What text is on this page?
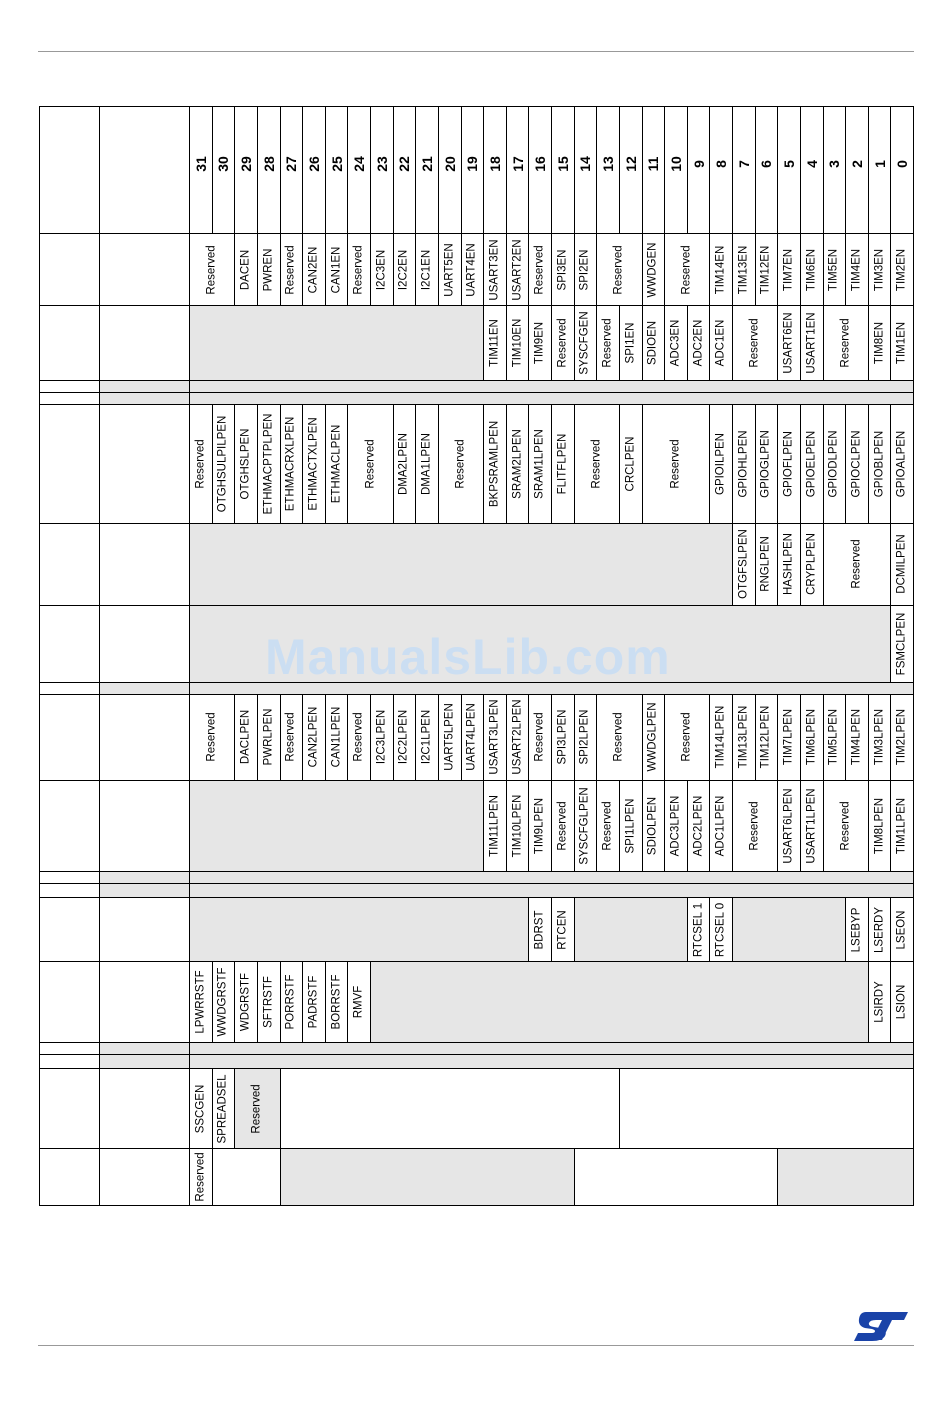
		31	30	29	28	27	26	25	24	23	22	21	20	19	18	17	16	15	14	13	12	11	10	9	8	7	6	5	4	3	2	1	0

		Reserved		DACEN	PWREN	Reserved	CAN2EN	CAN1EN	Reserved	I2C3EN	I2C2EN	I2C1EN	UART5EN	UART4EN	USART3EN	USART2EN	Reserved	SPI3EN	SPI2EN	Reserved		WWDGEN	Reserved		TIM14EN	TIM13EN	TIM12EN	TIM7EN	TIM6EN	TIM5EN	TIM4EN	TIM3EN	TIM2EN

															TIM11EN	TIM10EN	TIM9EN	Reserved	SYSCFGEN	Reserved	SPI1EN	SDIOEN	ADC3EN	ADC2EN	ADC1EN	Reserved		USART6EN	USART1EN	Reserved		TIM8EN	TIM1EN

		Reserved	OTGHSULPILPEN	OTGHSLPEN	ETHMACPTPLPEN	ETHMACRXLPEN	ETHMACTXLPEN	ETHMACLPEN	Reserved		DMA2LPEN	DMA1LPEN	Reserved		BKPSRAMLPEN	SRAM2LPEN	SRAM1LPEN	FLITFLPEN	Reserved		CRCLPEN	Reserved			GPIOILPEN	GPIOHLPEN	GPIOGLPEN	GPIOFLPEN	GPIOELPEN	GPIODLPEN	GPIOCLPEN	GPIOBLPEN	GPIOALPEN

																										OTGFSLPEN	RNGLPEN	HASHLPEN	CRYPLPEN	Reserved			DCMILPEN

																																	FSMCLPEN

		Reserved		DACLPEN	PWRLPEN	Reserved	CAN2LPEN	CAN1LPEN	Reserved	I2C3LPEN	I2C2LPEN	I2C1LPEN	UART5LPEN	UART4LPEN	USART3LPEN	USART2LPEN	Reserved	SPI3LPEN	SPI2LPEN	Reserved		WWDGLPEN	Reserved		TIM14LPEN	TIM13LPEN	TIM12LPEN	TIM7LPEN	TIM6LPEN	TIM5LPEN	TIM4LPEN	TIM3LPEN	TIM2LPEN

															TIM11LPEN	TIM10LPEN	TIM9LPEN	Reserved	SYSCFGLPEN	Reserved	SPI1LPEN	SDIOLPEN	ADC3LPEN	ADC2LPEN	ADC1LPEN	Reserved		USART6LPEN	USART1LPEN	Reserved		TIM8LPEN	TIM1LPEN

																	BDRST	RTCEN						RTCSEL 1	RTCSEL 0						LSEBYP	LSERDY	LSEON

		LPWRRSTF	WWDGRSTF	WDGRSTF	SFTRSTF	PORRSTF	PADRSTF	BORRSTF	RMVF																							LSIRDY	LSION

		SSCGEN	SPREADSEL	Reserved																													

		Reserved																															

ManualsLib.com
